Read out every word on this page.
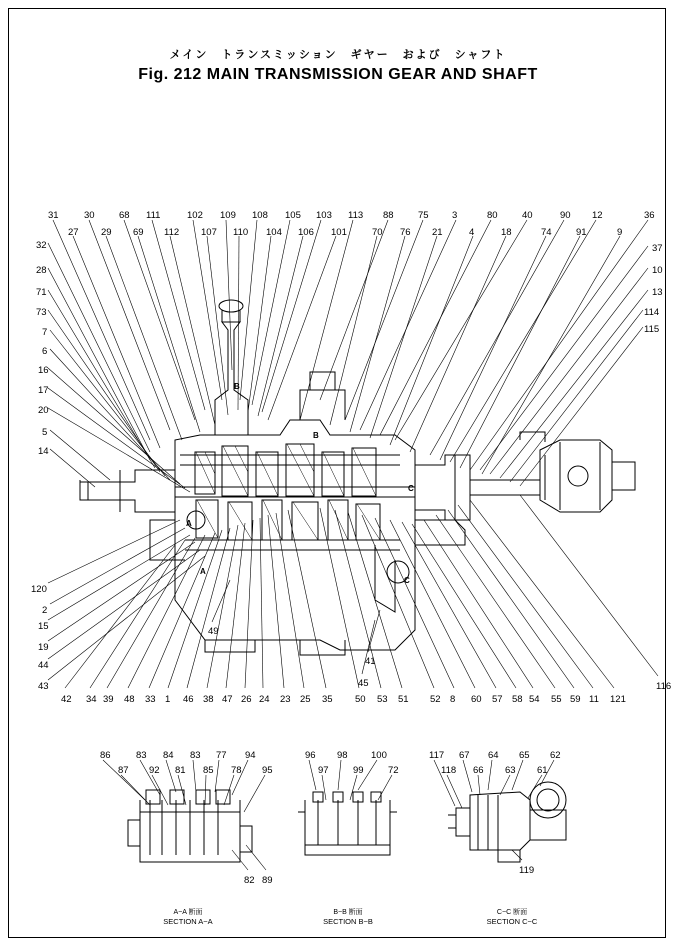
メイン　トランスミッション　ギヤー　および　シャフト
Fig. 212 MAIN TRANSMISSION GEAR AND SHAFT
31	30	68 111	102 109 108 105 103 113 88	75 3	80	40	90 12	36
27 29 69 112 107 110 104 106 101	70 76 21	4	18	74	91	9
32
28
71
73
7
6
16
17
20
5
14
37
10
13
114
115
120
2
15
19
44
43
42 34 39 48 33 1 46 38 47 26 24 23 25 35 50 53 51 52 8 60 57 58 54 55 59 11 121
116
49
41
45
B
B
A
C
C
A
86	83 84 83 77 94
87 92 81 85 78 95
82 89
A−A 断面
SECTION A−A
96 98 100
97	99	72
B−B 断面
SECTION B−B
117 67 64 65 62
118 66 63 61
119
C−C 断面
SECTION C−C
